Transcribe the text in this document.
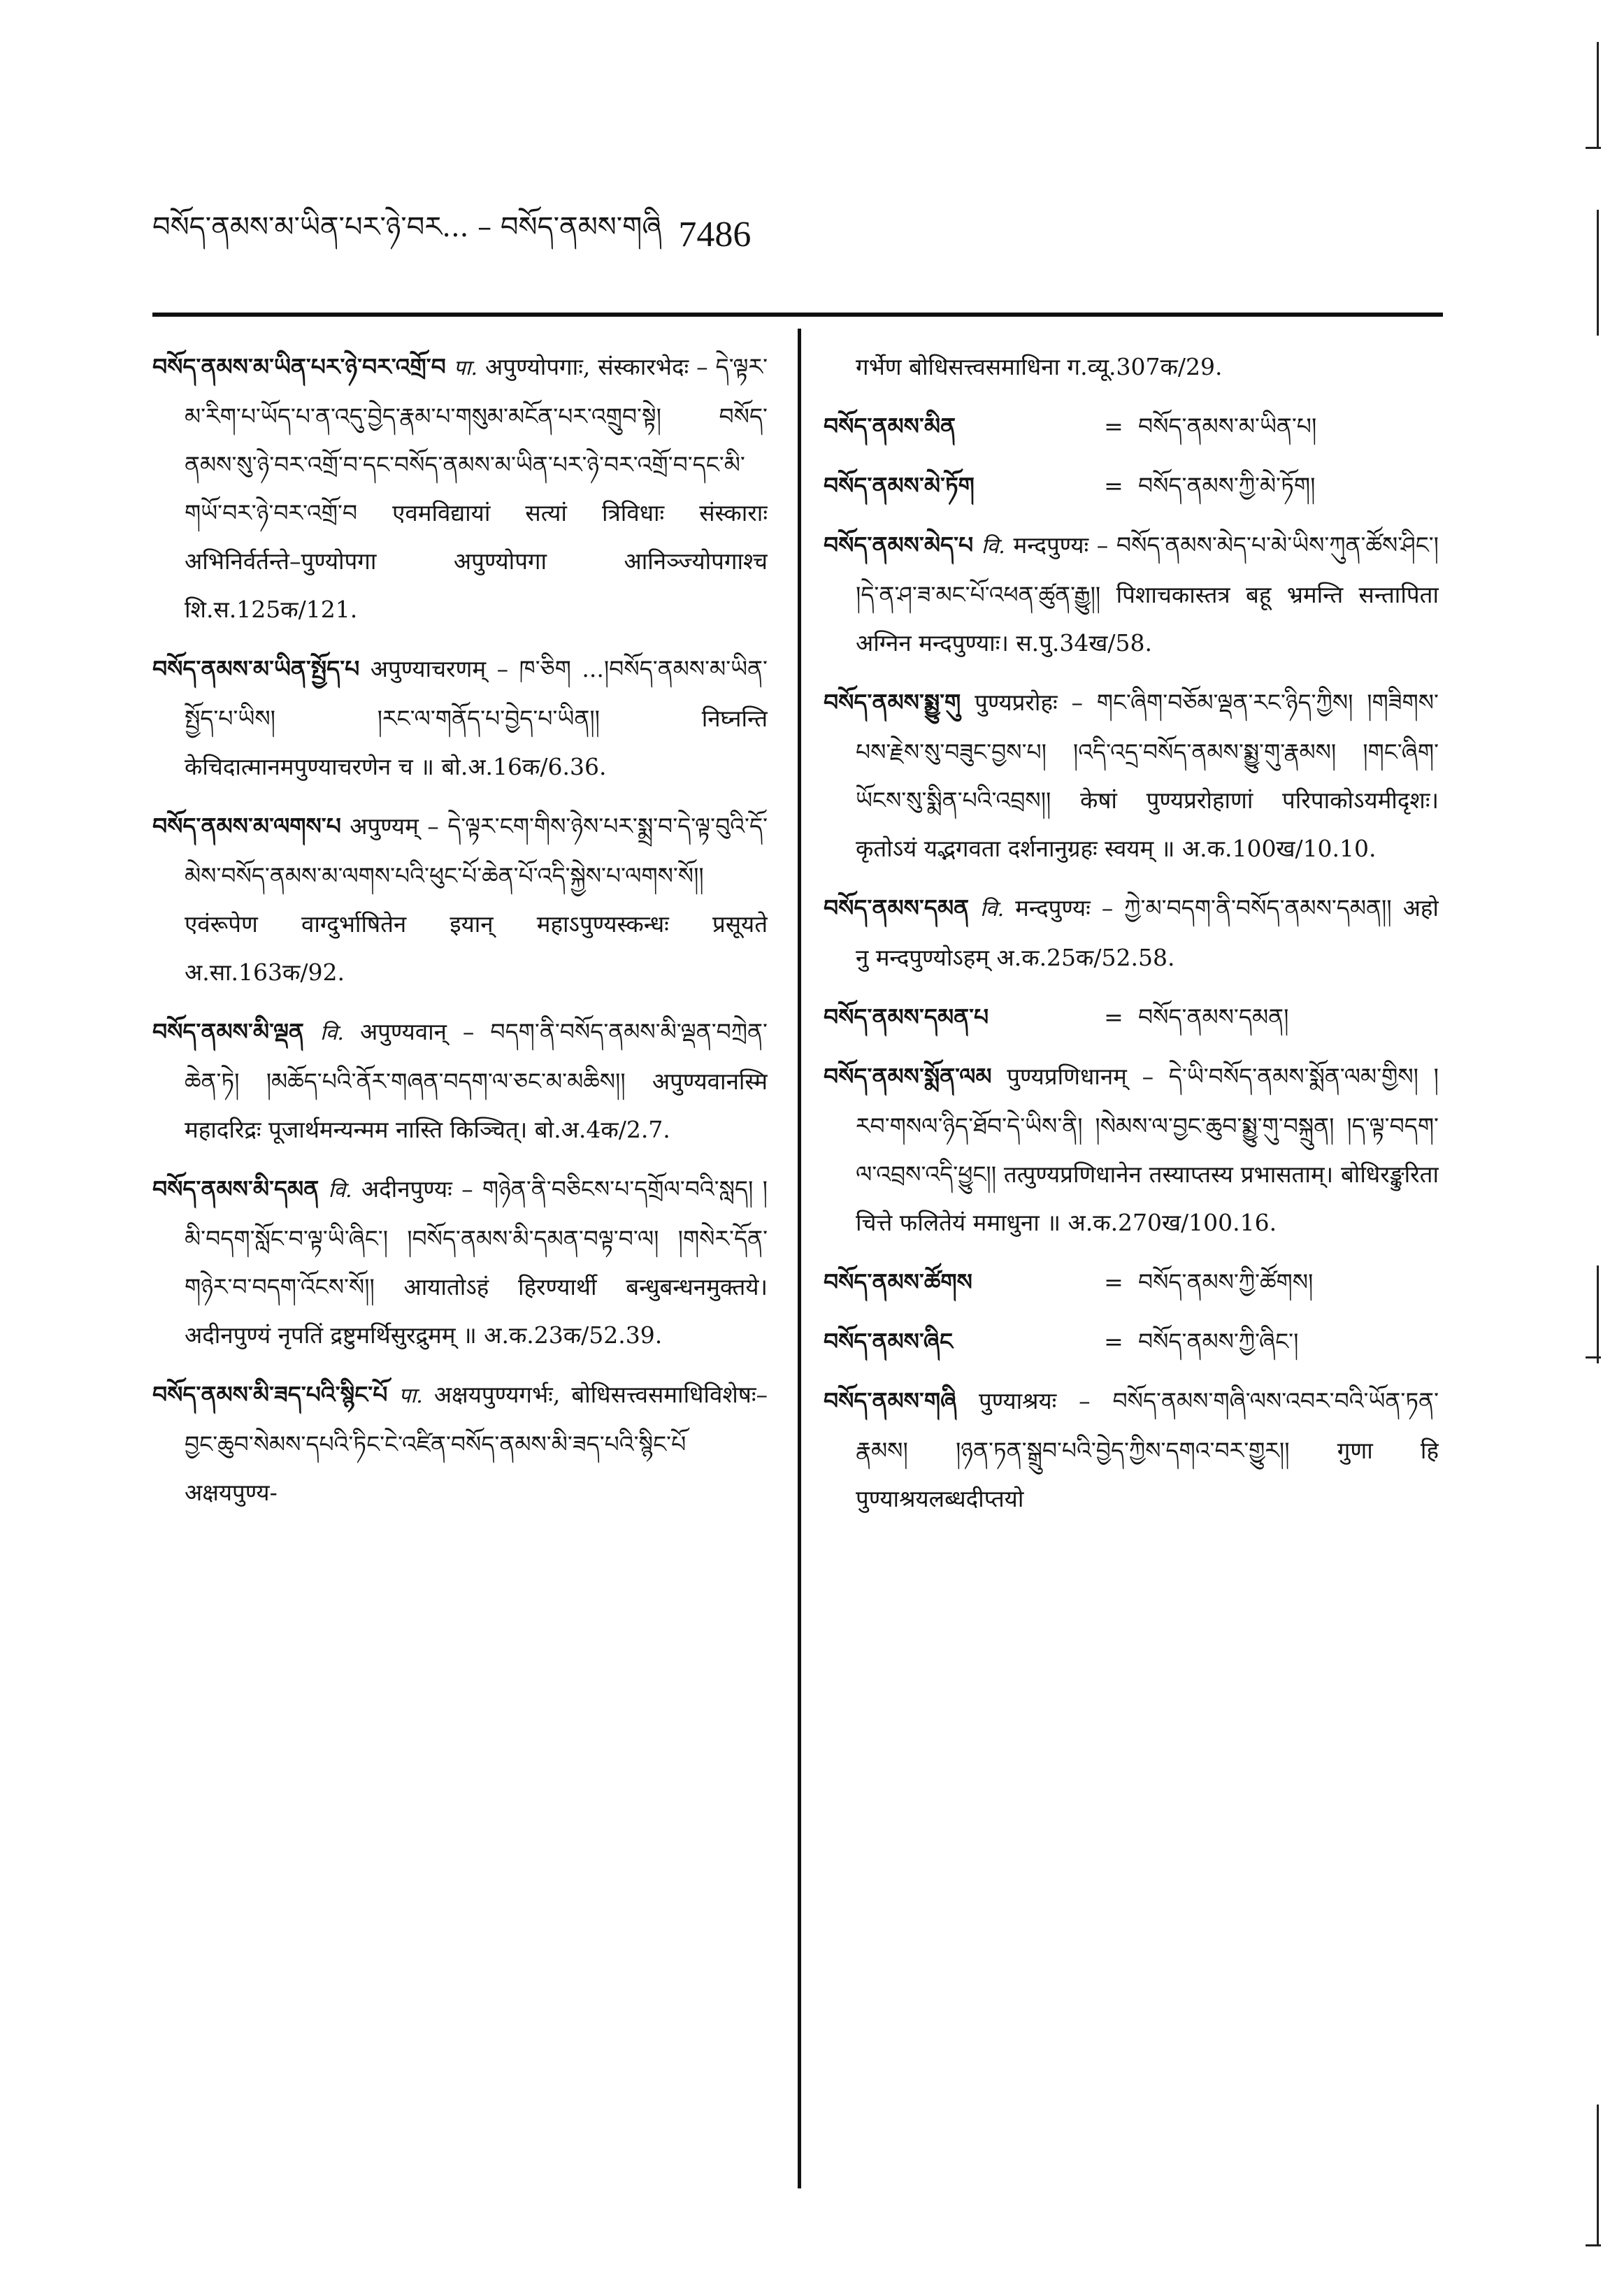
བསོད་ནམས་མ་ཡིན་པར་ཉེ་བར... – བསོད་ནམས་གཞི 7486

བསོད་ནམས་མ་ཡིན་པར་ཉེ་བར་འགྲོ་བ पा. अपुण्योपगाः, संस्कारभेदः – དེ་ལྟར་མ་རིག་པ་ཡོད་པ་ན་འདུ་བྱེད་རྣམ་པ་གསུམ་མངོན་པར་འགྲུབ་སྟེ། བསོད་ནམས་སུ་ཉེ་བར་འགྲོ་བ་དང་བསོད་ནམས་མ་ཡིན་པར་ཉེ་བར་འགྲོ་བ་དང་མི་གཡོ་བར་ཉེ་བར་འགྲོ་བ एवमविद्यायां सत्यां त्रिविधाः संस्काराः अभिनिर्वर्तन्ते–पुण्योपगा अपुण्योपगा आनिञ्ज्योपगाश्च शि.स.125क/121.

བསོད་ནམས་མ་ཡིན་སྤྱོད་པ अपुण्याचरणम् – ཁ་ཅིག ...།བསོད་ནམས་མ་ཡིན་སྤྱོད་པ་ཡིས། །རང་ལ་གནོད་པ་བྱེད་པ་ཡིན།། निघ्नन्ति केचिदात्मानमपुण्याचरणेन च ॥ बो.अ.16क/6.36.

བསོད་ནམས་མ་ལགས་པ अपुण्यम् – དེ་ལྟར་ངག་གིས་ཉེས་པར་སྨྲ་བ་དེ་ལྟ་བུའི་དོ་མེས་བསོད་ནམས་མ་ལགས་པའི་ཕུང་པོ་ཆེན་པོ་འདི་སྐྱེས་པ་ལགས་སོ།། एवंरूपेण वाग्दुर्भाषितेन इयान् महाऽपुण्यस्कन्धः प्रसूयते अ.सा.163क/92.

བསོད་ནམས་མི་ལྡན वि. अपुण्यवान् – བདག་ནི་བསོད་ནམས་མི་ལྡན་བཀྲེན་ཆེན་ཏེ། །མཆོད་པའི་ནོར་གཞན་བདག་ལ་ཅང་མ་མཆིས།། अपुण्यवानस्मि महादरिद्रः पूजार्थमन्यन्मम नास्ति किञ्चित्। बो.अ.4क/2.7.

བསོད་ནམས་མི་དམན वि. अदीनपुण्यः – གཉེན་ནི་བཅིངས་པ་དགྲོལ་བའི་སླད། །མི་བདག་སློང་བ་ལྟ་ཡི་ཞིང་། །བསོད་ནམས་མི་དམན་བལྟ་བ་ལ། །གསེར་དོན་གཉེར་བ་བདག་འོངས་སོ།། आयातोऽहं हिरण्यार्थी बन्धुबन्धनमुक्तये। अदीनपुण्यं नृपतिं द्रष्टुमर्थिसुरद्रुमम् ॥ अ.क.23क/52.39.

བསོད་ནམས་མི་ཟད་པའི་སྙིང་པོ पा. अक्षयपुण्यगर्भः, बोधिसत्त्वसमाधिविशेषः–བྱང་ཆུབ་སེམས་དཔའི་ཏིང་ངེ་འཛིན་བསོད་ནམས་མི་ཟད་པའི་སྙིང་པོ अक्षयपुण्य-

गर्भेण बोधिसत्त्वसमाधिना ग.व्यू.307क/29.

བསོད་ནམས་མིན	= བསོད་ནམས་མ་ཡིན་པ།
བསོད་ནམས་མེ་ཏོག	= བསོད་ནམས་ཀྱི་མེ་ཏོག།

བསོད་ནམས་མེད་པ वि. मन्दपुण्यः – བསོད་ནམས་མེད་པ་མེ་ཡིས་ཀུན་ཚོས་ཤིང་། །དེ་ན་ཤ་ཟ་མང་པོ་འཕན་ཚུན་རྒྱུ།། पिशाचकास्तत्र बहू भ्रमन्ति सन्तापिता अग्निन मन्दपुण्याः। स.पु.34ख/58.

བསོད་ནམས་སྨྱུ་གུ पुण्यप्ररोहः – གང་ཞིག་བཅོམ་ལྡན་རང་ཉིད་ཀྱིས། །གཟིགས་པས་རྗེས་སུ་བཟུང་བྱས་པ། །འདི་འདྲ་བསོད་ནམས་སྨྱུ་གུ་རྣམས། །གང་ཞིག་ཡོངས་སུ་སྨིན་པའི་འབྲས།། केषां पुण्यप्ररोहाणां परिपाकोऽयमीदृशः। कृतोऽयं यद्भगवता दर्शनानुग्रहः स्वयम् ॥ अ.क.100ख/10.10.

བསོད་ནམས་དམན वि. मन्दपुण्यः – ཀྱེ་མ་བདག་ནི་བསོད་ནམས་དམན།། अहो नु मन्दपुण्योऽहम् अ.क.25क/52.58.

བསོད་ནམས་དམན་པ	= བསོད་ནམས་དམན།

བསོད་ནམས་སྨོན་ལམ पुण्यप्रणिधानम् – དེ་ཡི་བསོད་ནམས་སྨོན་ལམ་གྱིས། །རབ་གསལ་ཉིད་ཐོབ་དེ་ཡིས་ནི། །སེམས་ལ་བྱང་ཆུབ་སྨྱུ་གུ་བསྐྲུན། །ད་ལྟ་བདག་ལ་འབྲས་འདི་ཕྱུང།། तत्पुण्यप्रणिधानेन तस्याप्तस्य प्रभासताम्। बोधिरङ्कुरिता चित्ते फलितेयं ममाधुना ॥ अ.क.270ख/100.16.

བསོད་ནམས་ཚོགས	= བསོད་ནམས་ཀྱི་ཚོགས།
བསོད་ནམས་ཞིང	= བསོད་ནམས་ཀྱི་ཞིང་།

བསོད་ནམས་གཞི पुण्याश्रयः – བསོད་ནམས་གཞི་ལས་འབར་བའི་ཡོན་ཏན་རྣམས། །ཉན་ཏན་སྒྲུབ་པའི་བྱེད་ཀྱིས་དགའ་བར་གྱུར།། गुणा हि पुण्याश्रयलब्धदीप्तयो
